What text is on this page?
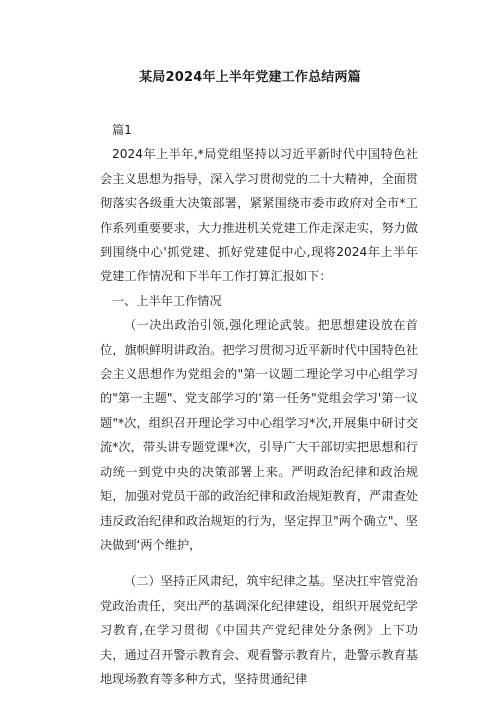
某局2024年上半年党建工作总结两篇

篇1

2024年上半年,*局党组坚持以习近平新时代中国特色社会主义思想为指导，深入学习贯彻党的二十大精神，全面贯彻落实各级重大决策部署，紧紧围绕市委市政府对全市*工作系列重要要求，大力推进机关党建工作走深走实，努力做到围绕中心'抓党建、抓好党建促中心,现将2024年上半年党建工作情况和下半年工作打算汇报如下：

一、上半年工作情况

（一决出政治引领,强化理论武装。把思想建设放在首位，旗帜鲜明讲政治。把学习贯彻习近平新时代中国特色社会主义思想作为党组会的"第一议题二理论学习中心组学习的"第一主题"、党支部学习的‘第一任务"党组会学习'第一议题"*次，组织召开理论学习中心组学习*次,开展集中研讨交流*次，带头讲专题党课*次，引导广大干部切实把思想和行动统一到党中央的决策部署上来。严明政治纪律和政治规矩，加强对党员干部的政治纪律和政治规矩教育，严肃查处违反政治纪律和政治规矩的行为，坚定捍卫"两个确立"、坚决做到‘两个维护，

（二）坚持正风肃纪，筑牢纪律之基。坚决扛牢管党治党政治责任，突出严的基调深化纪律建设，组织开展党纪学习教育,在学习贯彻《中国共产党纪律处分条例》上下功夫，通过召开警示教育会、观看警示教育片，赴警示教育基地现场教育等多种方式，坚持贯通纪律
